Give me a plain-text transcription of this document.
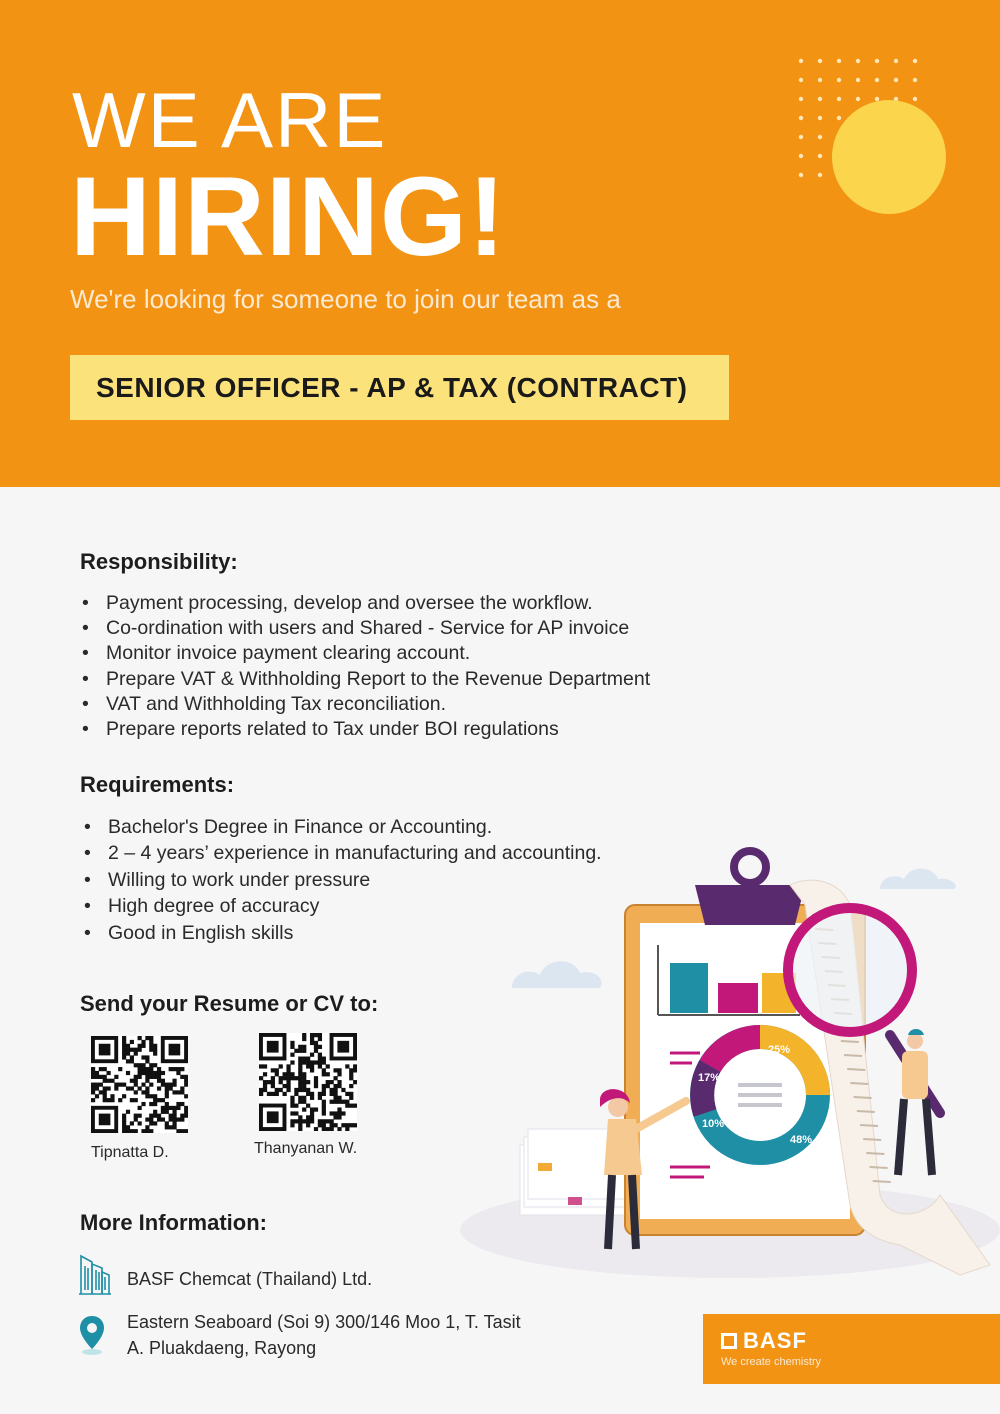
WE ARE
HIRING!
We're looking for someone to join our team as a
SENIOR OFFICER - AP & TAX (CONTRACT)
Responsibility:
• Payment processing, develop and oversee the workflow.
• Co-ordination with users and Shared - Service for AP invoice
• Monitor invoice payment clearing account.
• Prepare VAT & Withholding Report to the Revenue Department
• VAT and Withholding Tax reconciliation.
• Prepare reports related to Tax under BOI regulations
Requirements:
• Bachelor's Degree in Finance or Accounting.
• 2 – 4 years’ experience in manufacturing and accounting.
• Willing to work under pressure
• High degree of accuracy
• Good in English skills
Send your Resume or CV to:
Tipnatta D.	Thanyanan W.
More Information:
BASF Chemcat (Thailand) Ltd.
Eastern Seaboard (Soi 9) 300/146 Moo 1, T. Tasit
A. Pluakdaeng, Rayong	BASF
We create chemistry
25%
17%
10%
48%
